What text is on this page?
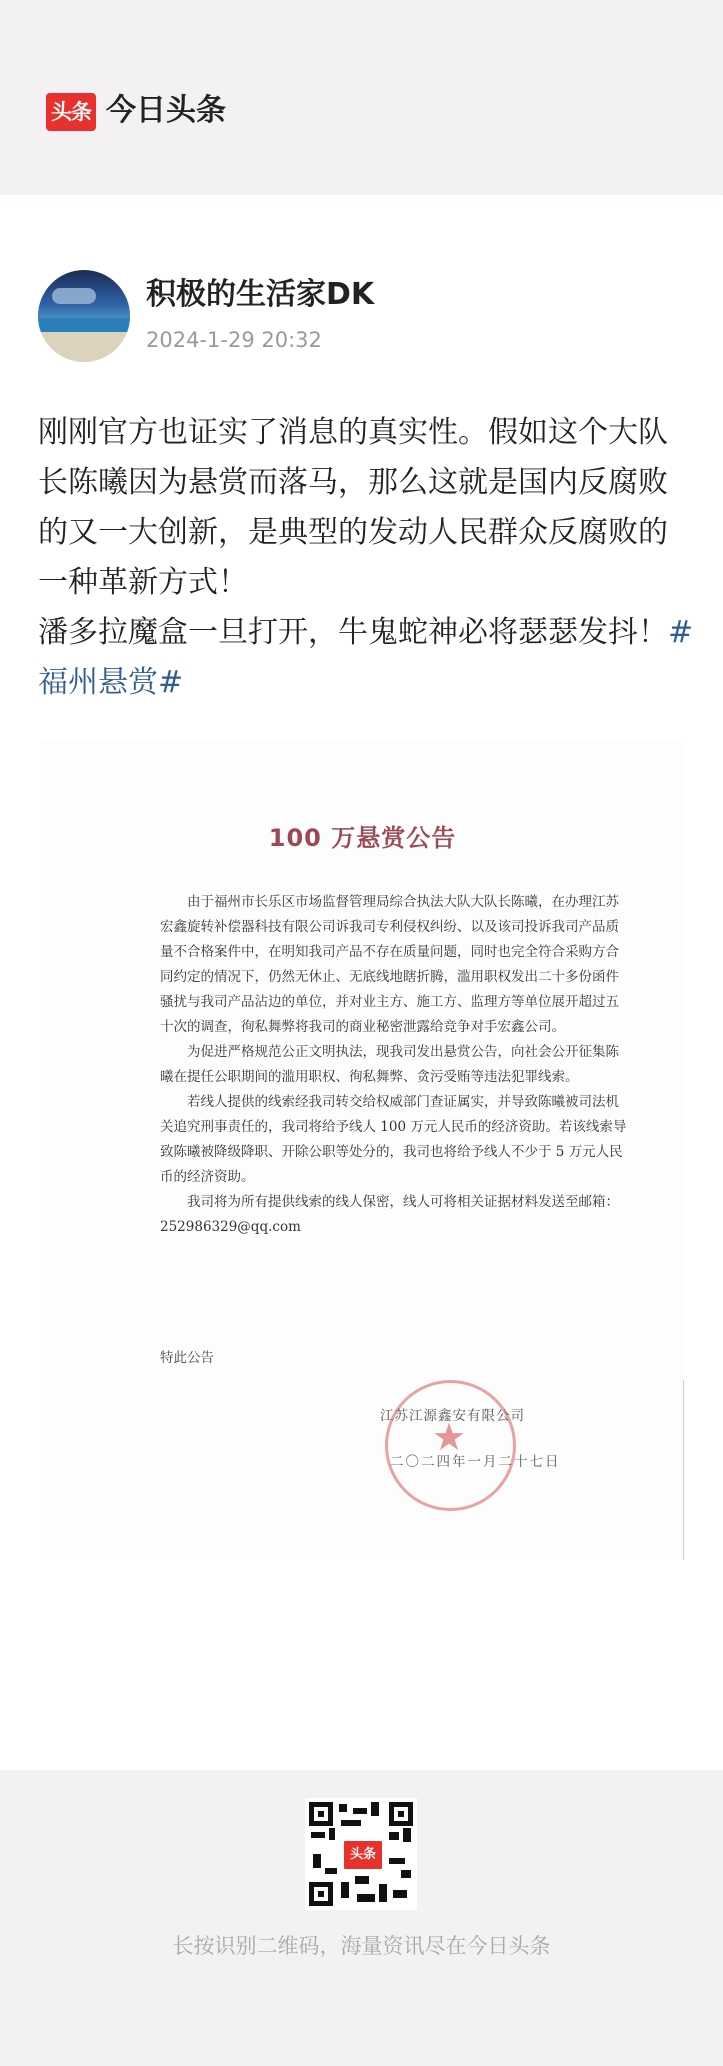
头条 今日头条
积极的生活家DK
2024-1-29 20:32

刚刚官方也证实了消息的真实性。假如这个大队长陈曦因为悬赏而落马，那么这就是国内反腐败的又一大创新，是典型的发动人民群众反腐败的一种革新方式！

潘多拉魔盒一旦打开，牛鬼蛇神必将瑟瑟发抖！#福州悬赏#

100 万悬赏公告

由于福州市长乐区市场监督管理局综合执法大队大队长陈曦，在办理江苏宏鑫旋转补偿器科技有限公司诉我司专利侵权纠纷、以及该司投诉我司产品质量不合格案件中，在明知我司产品不存在质量问题，同时也完全符合采购方合同约定的情况下，仍然无休止、无底线地瞎折腾，滥用职权发出二十多份函件骚扰与我司产品沾边的单位，并对业主方、施工方、监理方等单位展开超过五十次的调查，徇私舞弊将我司的商业秘密泄露给竞争对手宏鑫公司。

为促进严格规范公正文明执法，现我司发出悬赏公告，向社会公开征集陈曦在提任公职期间的滥用职权、徇私舞弊、贪污受贿等违法犯罪线索。

若线人提供的线索经我司转交给权威部门查证属实，并导致陈曦被司法机关追究刑事责任的，我司将给予线人 100 万元人民币的经济资助。若该线索导致陈曦被降级降职、开除公职等处分的，我司也将给予线人不少于 5 万元人民币的经济资助。

我司将为所有提供线索的线人保密，线人可将相关证据材料发送至邮箱：252986329@qq.com

特此公告
★
江苏江源鑫安有限公司
二〇二四年一月二十七日
头条
长按识别二维码，海量资讯尽在今日头条
